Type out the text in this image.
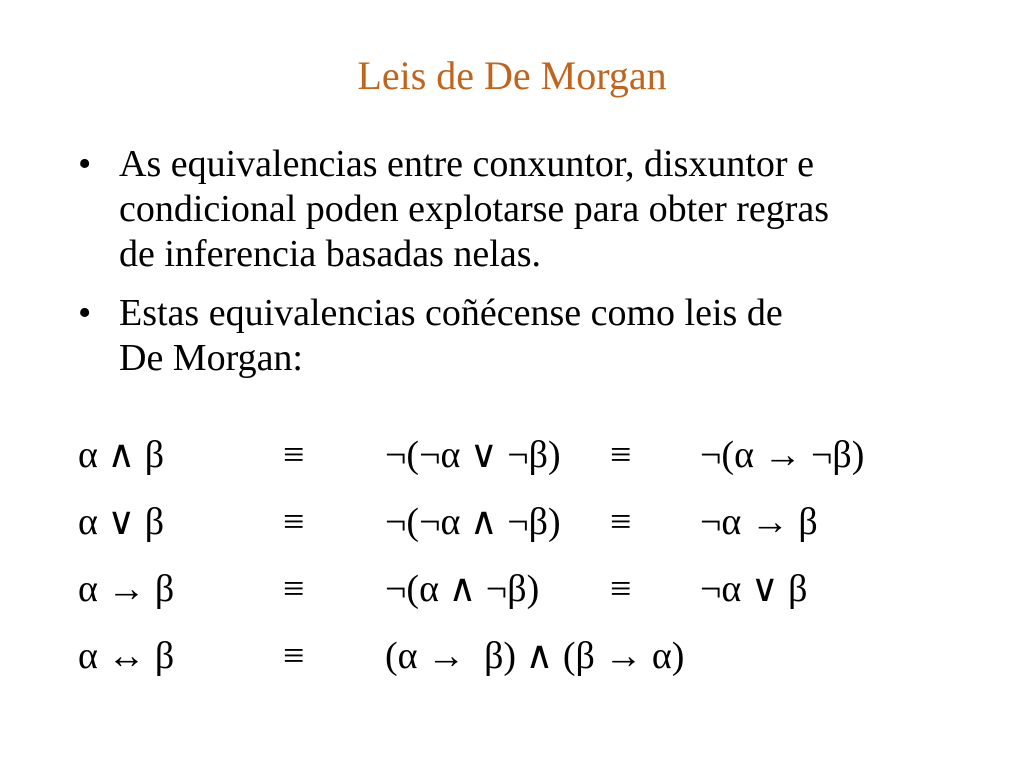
Leis de De Morgan
• As equivalencias entre conxuntor, disxuntor e
condicional poden explotarse para obter regras
de inferencia basadas nelas.
• Estas equivalencias coñécense como leis de
De Morgan:
α ∧ β	≡ ¬(¬α ∨ ¬β) ≡ ¬(α → ¬β)
α ∨ β	≡ ¬(¬α ∧ ¬β) ≡ ¬α → β
α → β	≡ ¬(α ∧ ¬β) ≡ ¬α ∨ β
α ↔ β	≡ (α →  β) ∧ (β → α)
